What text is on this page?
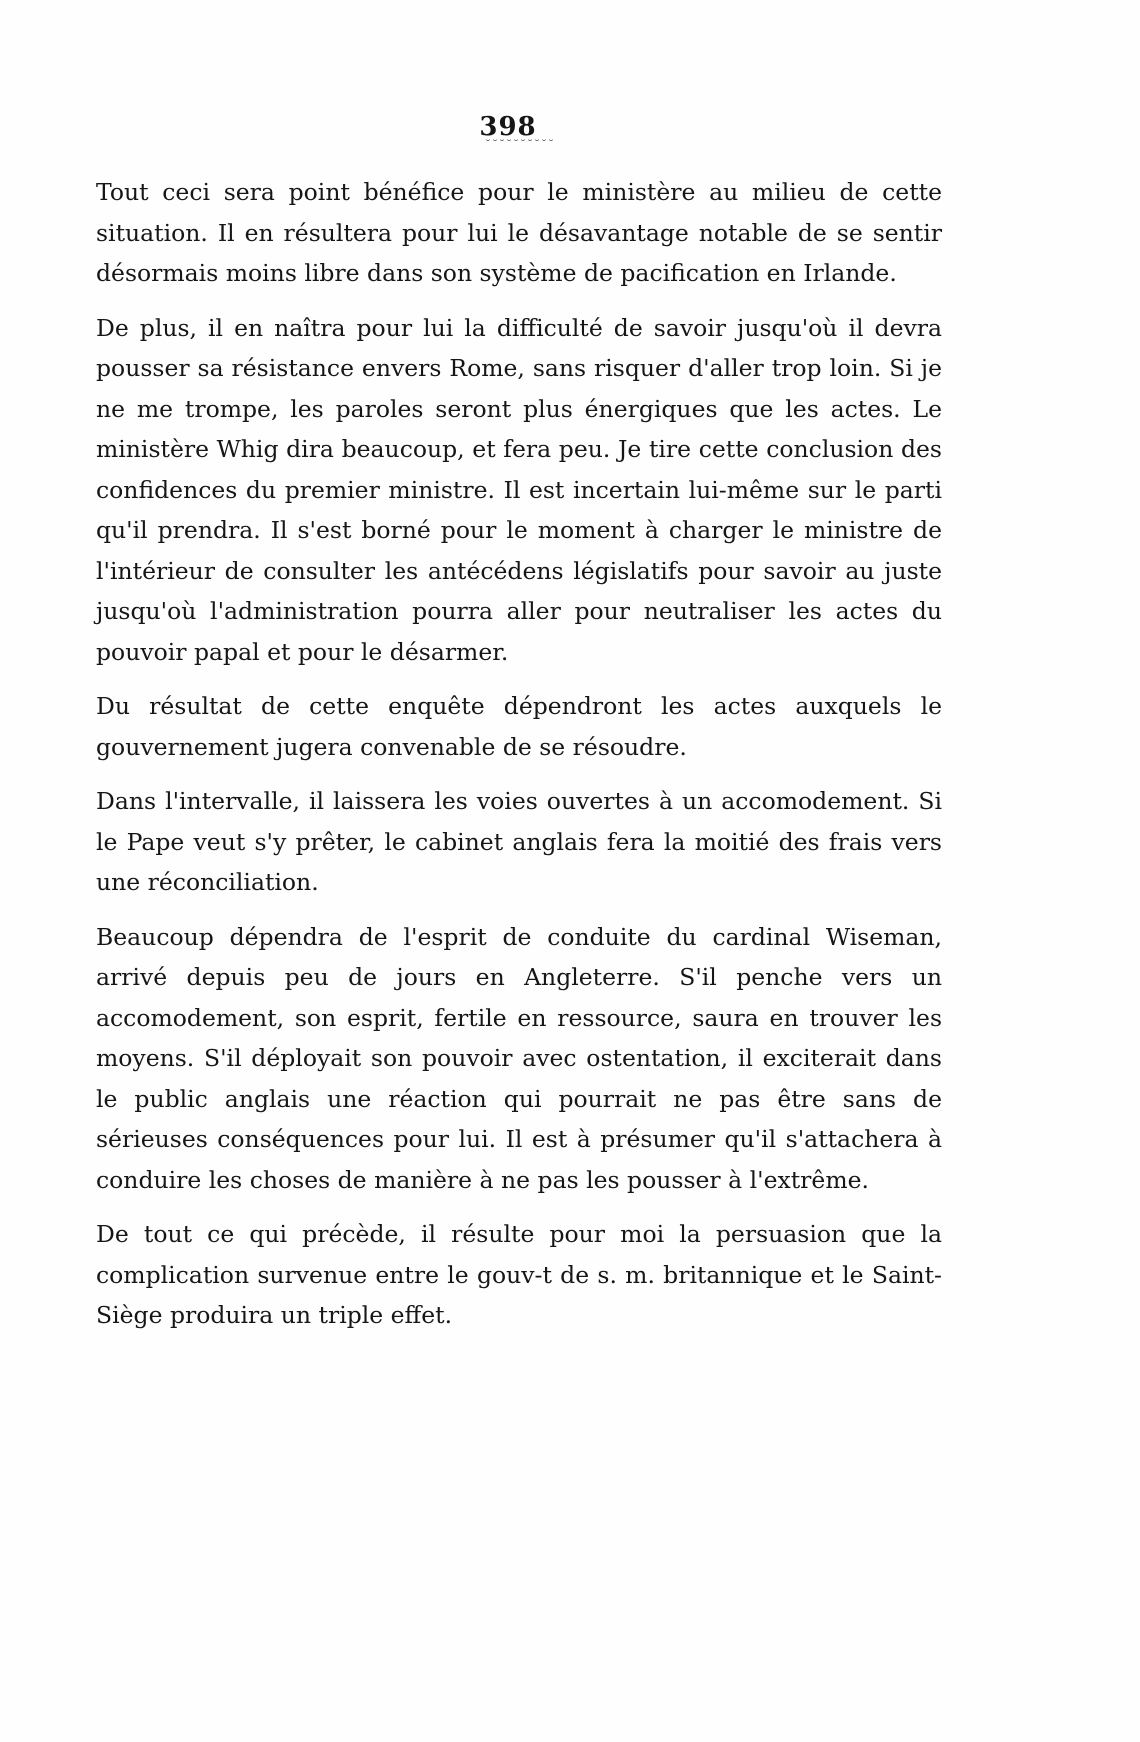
398
˘˘˘˘˘˘˘˘˘˘

Tout ceci sera point bénéfice pour le ministère au milieu de cette situation. Il en résultera pour lui le désavantage notable de se sentir désormais moins libre dans son système de pacification en Irlande.

De plus, il en naîtra pour lui la difficulté de savoir jusqu'où il devra pousser sa résistance envers Rome, sans risquer d'aller trop loin. Si je ne me trompe, les paroles seront plus énergiques que les actes. Le ministère Whig dira beaucoup, et fera peu. Je tire cette conclusion des confidences du premier ministre. Il est incertain lui-même sur le parti qu'il prendra. Il s'est borné pour le moment à charger le ministre de l'intérieur de consulter les antécédens législatifs pour savoir au juste jusqu'où l'administration pourra aller pour neutraliser les actes du pouvoir papal et pour le désarmer.

Du résultat de cette enquête dépendront les actes auxquels le gouvernement jugera convenable de se résoudre.

Dans l'intervalle, il laissera les voies ouvertes à un accomodement. Si le Pape veut s'y prêter, le cabinet anglais fera la moitié des frais vers une réconciliation.

Beaucoup dépendra de l'esprit de conduite du cardinal Wiseman, arrivé depuis peu de jours en Angleterre. S'il penche vers un accomodement, son esprit, fertile en ressource, saura en trouver les moyens. S'il déployait son pouvoir avec ostentation, il exciterait dans le public anglais une réaction qui pourrait ne pas être sans de sérieuses conséquences pour lui. Il est à présumer qu'il s'attachera à conduire les choses de manière à ne pas les pousser à l'extrême.

De tout ce qui précède, il résulte pour moi la persuasion que la complication survenue entre le gouv-t de s. m. britannique et le Saint-Siège produira un triple effet.
